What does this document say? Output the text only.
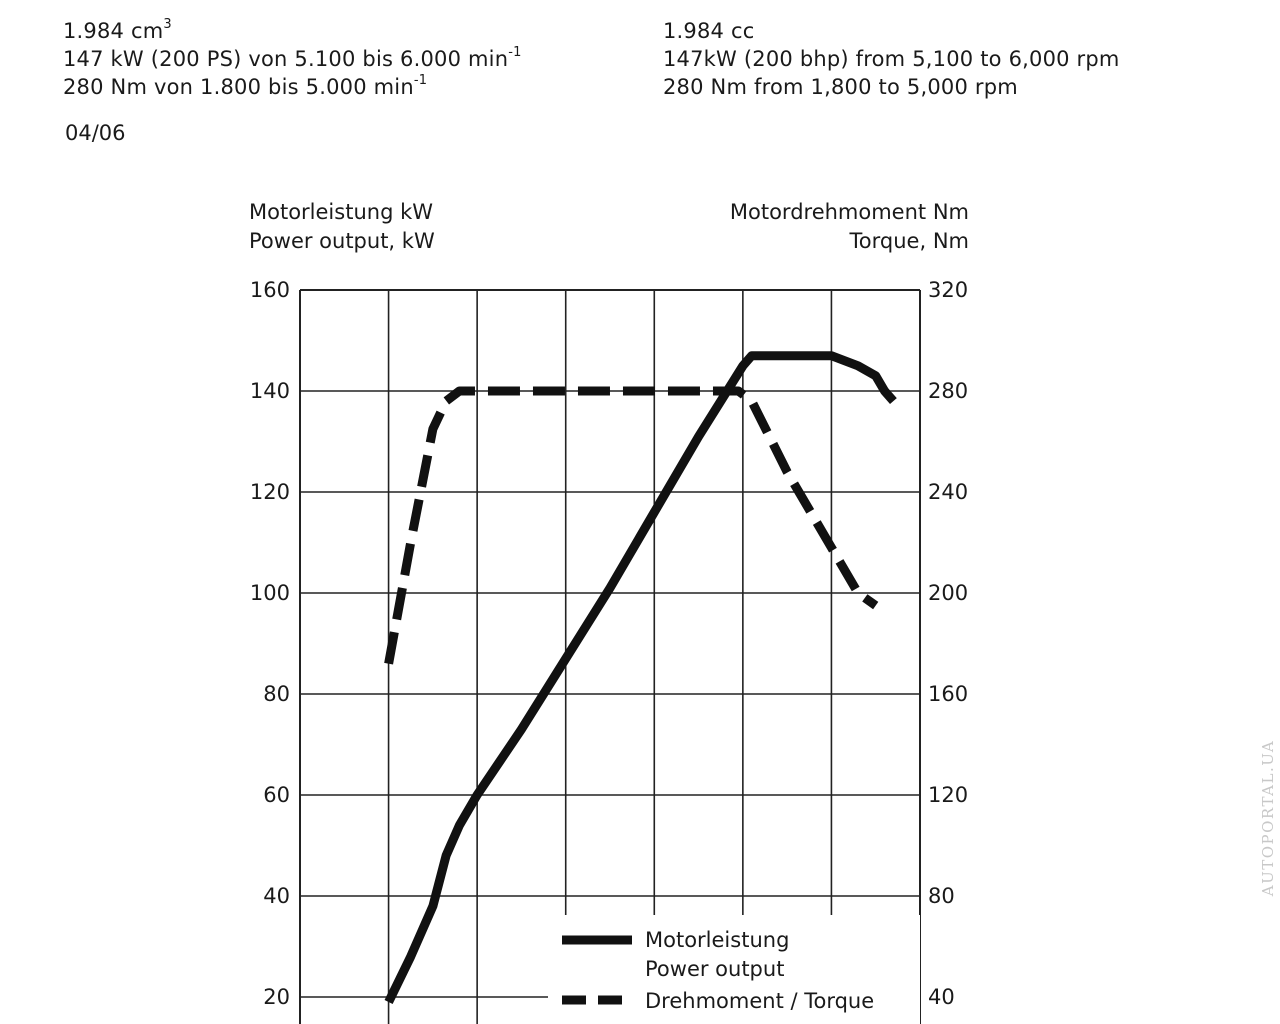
1.984 $cm^3$
147 kW (200 PS) von 5.100 bis 6.000 $\min^{-1}$
280 Nm von 1.800 bis 5.000 $\min^{-1}$
1.984 cc
147kW (200 bhp) from 5,100 to 6,000 rpm
280 Nm from 1,800 to 5,000 rpm
04/06
Motorleistung kW
Power output, kW
Motordrehmoment Nm
Torque, Nm
20
40
60
80
100
120
140
160
40
80
120
160
200
240
280
320
Motorleistung
Power output
Drehmoment / Torque
AUTOPORTAL.UA
